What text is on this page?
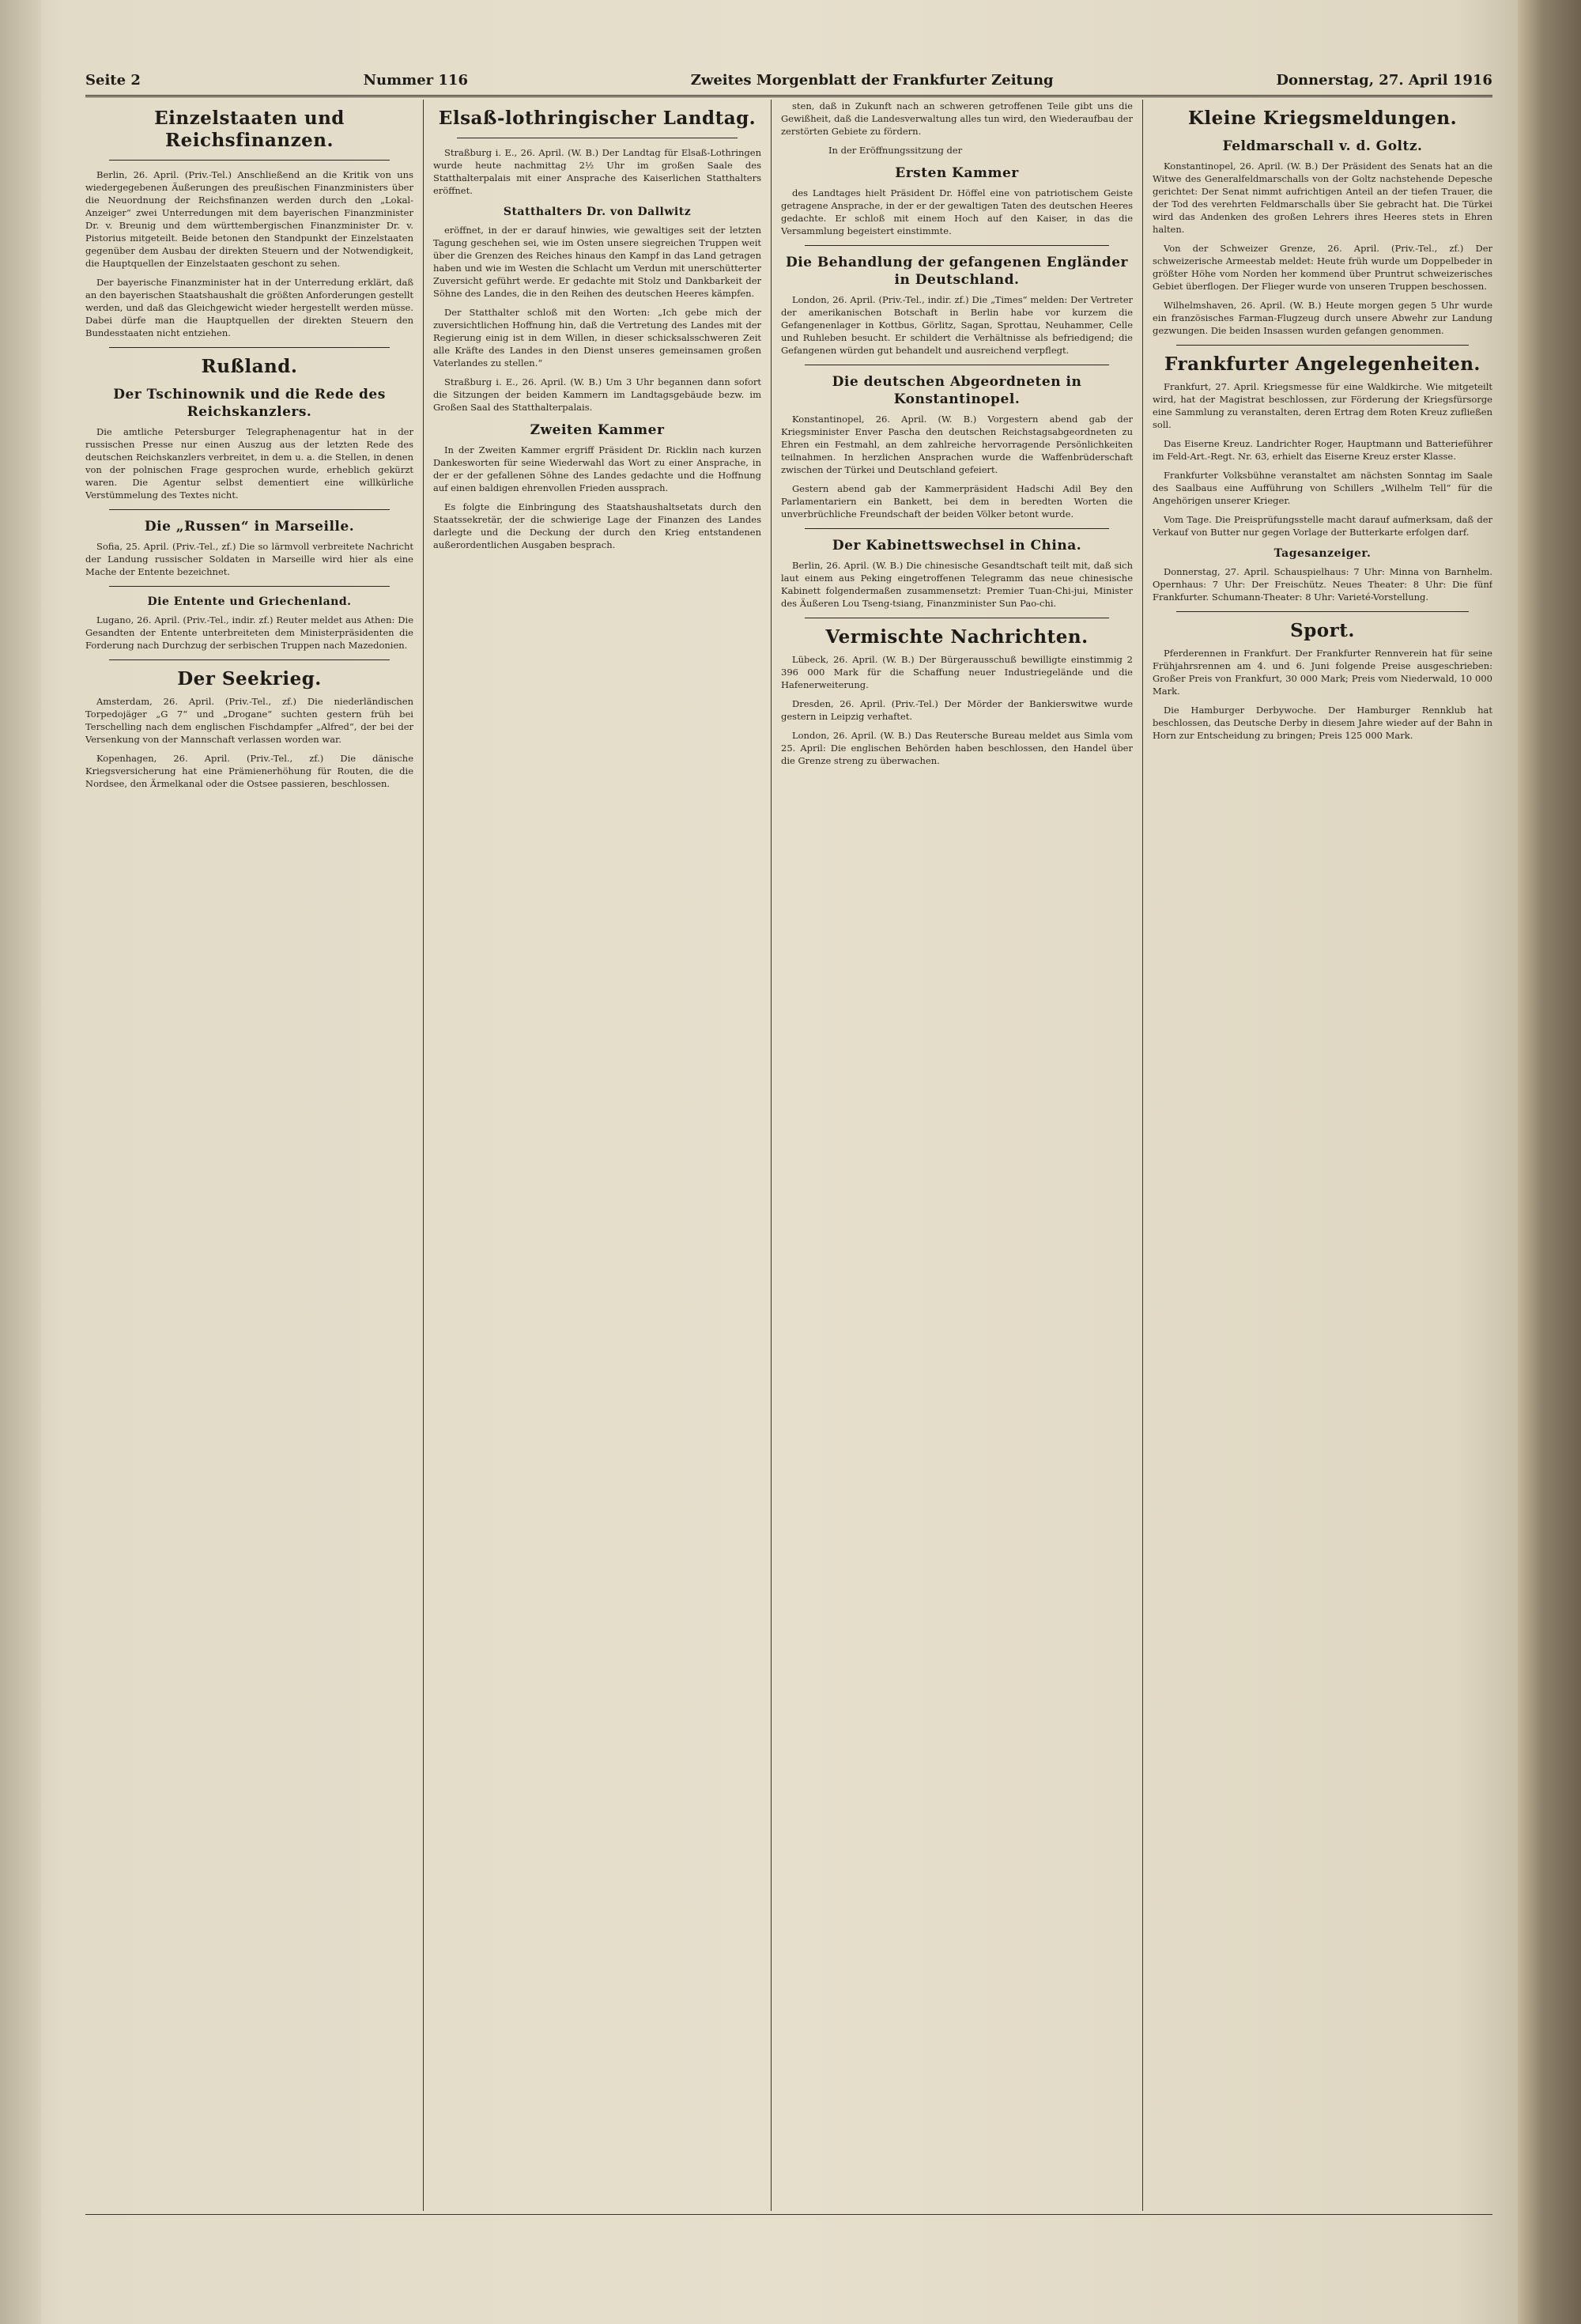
Seite 2	Nummer 116	Zweites Morgenblatt der Frankfurter Zeitung	Donnerstag, 27. April 1916
Einzelstaaten und Reichsfinanzen.

Berlin, 26. April. (Priv.-Tel.) Anschließend an die Kritik von uns wiedergegebenen Äußerungen des preußischen Finanzministers über die Neuordnung der Reichsfinanzen werden durch den „Lokal-Anzeiger“ zwei Unterredungen mit dem bayerischen Finanzminister Dr. v. Breunig und dem württembergischen Finanzminister Dr. v. Pistorius mitgeteilt. Beide betonen den Standpunkt der Einzelstaaten gegenüber dem Ausbau der direkten Steuern und der Notwendigkeit, die Hauptquellen der Einzelstaaten geschont zu sehen.

Der bayerische Finanzminister hat in der Unterredung erklärt, daß an den bayerischen Staatshaushalt die größten Anforderungen gestellt werden, und daß das Gleichgewicht wieder hergestellt werden müsse. Dabei dürfe man die Hauptquellen der direkten Steuern den Bundesstaaten nicht entziehen.

Rußland.
Der Tschinownik und die Rede des Reichskanzlers.

Die amtliche Petersburger Telegraphenagentur hat in der russischen Presse nur einen Auszug aus der letzten Rede des deutschen Reichskanzlers verbreitet, in dem u. a. die Stellen, in denen von der polnischen Frage gesprochen wurde, erheblich gekürzt waren. Die Agentur selbst dementiert eine willkürliche Verstümmelung des Textes nicht.

Die „Russen“ in Marseille.

Sofia, 25. April. (Priv.-Tel., zf.) Die so lärmvoll verbreitete Nachricht der Landung russischer Soldaten in Marseille wird hier als eine Mache der Entente bezeichnet.

Die Entente und Griechenland.

Lugano, 26. April. (Priv.-Tel., indir. zf.) Reuter meldet aus Athen: Die Gesandten der Entente unterbreiteten dem Ministerpräsidenten die Forderung nach Durchzug der serbischen Truppen nach Mazedonien.

Der Seekrieg.

Amsterdam, 26. April. (Priv.-Tel., zf.) Die niederländischen Torpedojäger „G 7“ und „Drogane“ suchten gestern früh bei Terschelling nach dem englischen Fischdampfer „Alfred“, der bei der Versenkung von der Mannschaft verlassen worden war.

Kopenhagen, 26. April. (Priv.-Tel., zf.) Die dänische Kriegsversicherung hat eine Prämienerhöhung für Routen, die die Nordsee, den Ärmelkanal oder die Ostsee passieren, beschlossen.

Elsaß-lothringischer Landtag.

Straßburg i. E., 26. April. (W. B.) Der Landtag für Elsaß-Lothringen wurde heute nachmittag 2½ Uhr im großen Saale des Statthalterpalais mit einer Ansprache des Kaiserlichen Statthalters eröffnet.

Statthalters Dr. von Dallwitz

eröffnet, in der er darauf hinwies, wie gewaltiges seit der letzten Tagung geschehen sei, wie im Osten unsere siegreichen Truppen weit über die Grenzen des Reiches hinaus den Kampf in das Land getragen haben und wie im Westen die Schlacht um Verdun mit unerschütterter Zuversicht geführt werde. Er gedachte mit Stolz und Dankbarkeit der Söhne des Landes, die in den Reihen des deutschen Heeres kämpfen.

Der Statthalter schloß mit den Worten: „Ich gebe mich der zuversichtlichen Hoffnung hin, daß die Vertretung des Landes mit der Regierung einig ist in dem Willen, in dieser schicksalsschweren Zeit alle Kräfte des Landes in den Dienst unseres gemeinsamen großen Vaterlandes zu stellen.“

Straßburg i. E., 26. April. (W. B.) Um 3 Uhr begannen dann sofort die Sitzungen der beiden Kammern im Landtagsgebäude bezw. im Großen Saal des Statthalterpalais.

Zweiten Kammer

In der Zweiten Kammer ergriff Präsident Dr. Ricklin nach kurzen Dankesworten für seine Wiederwahl das Wort zu einer Ansprache, in der er der gefallenen Söhne des Landes gedachte und die Hoffnung auf einen baldigen ehrenvollen Frieden aussprach.

Es folgte die Einbringung des Staatshaushaltsetats durch den Staatssekretär, der die schwierige Lage der Finanzen des Landes darlegte und die Deckung der durch den Krieg entstandenen außerordentlichen Ausgaben besprach.

sten, daß in Zukunft nach an schweren getroffenen Teile gibt uns die Gewißheit, daß die Landesverwaltung alles tun wird, den Wiederaufbau der zerstörten Gebiete zu fördern.

In der Eröffnungssitzung der

Ersten Kammer

des Landtages hielt Präsident Dr. Höffel eine von patriotischem Geiste getragene Ansprache, in der er der gewaltigen Taten des deutschen Heeres gedachte. Er schloß mit einem Hoch auf den Kaiser, in das die Versammlung begeistert einstimmte.

Die Behandlung der gefangenen Engländer in Deutschland.

London, 26. April. (Priv.-Tel., indir. zf.) Die „Times“ melden: Der Vertreter der amerikanischen Botschaft in Berlin habe vor kurzem die Gefangenenlager in Kottbus, Görlitz, Sagan, Sprottau, Neuhammer, Celle und Ruhleben besucht. Er schildert die Verhältnisse als befriedigend; die Gefangenen würden gut behandelt und ausreichend verpflegt.

Die deutschen Abgeordneten in Konstantinopel.

Konstantinopel, 26. April. (W. B.) Vorgestern abend gab der Kriegsminister Enver Pascha den deutschen Reichstagsabgeordneten zu Ehren ein Festmahl, an dem zahlreiche hervorragende Persönlichkeiten teilnahmen. In herzlichen Ansprachen wurde die Waffenbrüderschaft zwischen der Türkei und Deutschland gefeiert.

Gestern abend gab der Kammerpräsident Hadschi Adil Bey den Parlamentariern ein Bankett, bei dem in beredten Worten die unverbrüchliche Freundschaft der beiden Völker betont wurde.

Der Kabinettswechsel in China.

Berlin, 26. April. (W. B.) Die chinesische Gesandtschaft teilt mit, daß sich laut einem aus Peking eingetroffenen Telegramm das neue chinesische Kabinett folgendermaßen zusammensetzt: Premier Tuan-Chi-jui, Minister des Äußeren Lou Tseng-tsiang, Finanzminister Sun Pao-chi.

Vermischte Nachrichten.

Lübeck, 26. April. (W. B.) Der Bürgerausschuß bewilligte einstimmig 2 396 000 Mark für die Schaffung neuer Industriegelände und die Hafenerweiterung.

Dresden, 26. April. (Priv.-Tel.) Der Mörder der Bankierswitwe wurde gestern in Leipzig verhaftet.

London, 26. April. (W. B.) Das Reutersche Bureau meldet aus Simla vom 25. April: Die englischen Behörden haben beschlossen, den Handel über die Grenze streng zu überwachen.

Kleine Kriegsmeldungen.
Feldmarschall v. d. Goltz.

Konstantinopel, 26. April. (W. B.) Der Präsident des Senats hat an die Witwe des Generalfeldmarschalls von der Goltz nachstehende Depesche gerichtet: Der Senat nimmt aufrichtigen Anteil an der tiefen Trauer, die der Tod des verehrten Feldmarschalls über Sie gebracht hat. Die Türkei wird das Andenken des großen Lehrers ihres Heeres stets in Ehren halten.

Von der Schweizer Grenze, 26. April. (Priv.-Tel., zf.) Der schweizerische Armeestab meldet: Heute früh wurde um Doppelbeder in größter Höhe vom Norden her kommend über Pruntrut schweizerisches Gebiet überflogen. Der Flieger wurde von unseren Truppen beschossen.

Wilhelmshaven, 26. April. (W. B.) Heute morgen gegen 5 Uhr wurde ein französisches Farman-Flugzeug durch unsere Abwehr zur Landung gezwungen. Die beiden Insassen wurden gefangen genommen.

Frankfurter Angelegenheiten.

Frankfurt, 27. April. Kriegsmesse für eine Waldkirche. Wie mitgeteilt wird, hat der Magistrat beschlossen, zur Förderung der Kriegsfürsorge eine Sammlung zu veranstalten, deren Ertrag dem Roten Kreuz zufließen soll.

Das Eiserne Kreuz. Landrichter Roger, Hauptmann und Batterieführer im Feld-Art.-Regt. Nr. 63, erhielt das Eiserne Kreuz erster Klasse.

Frankfurter Volksbühne veranstaltet am nächsten Sonntag im Saale des Saalbaus eine Aufführung von Schillers „Wilhelm Tell“ für die Angehörigen unserer Krieger.

Vom Tage. Die Preisprüfungsstelle macht darauf aufmerksam, daß der Verkauf von Butter nur gegen Vorlage der Butterkarte erfolgen darf.

Tagesanzeiger.

Donnerstag, 27. April. Schauspielhaus: 7 Uhr: Minna von Barnhelm. Opernhaus: 7 Uhr: Der Freischütz. Neues Theater: 8 Uhr: Die fünf Frankfurter. Schumann-Theater: 8 Uhr: Varieté-Vorstellung.

Sport.

Pferderennen in Frankfurt. Der Frankfurter Rennverein hat für seine Frühjahrsrennen am 4. und 6. Juni folgende Preise ausgeschrieben: Großer Preis von Frankfurt, 30 000 Mark; Preis vom Niederwald, 10 000 Mark.

Die Hamburger Derbywoche. Der Hamburger Rennklub hat beschlossen, das Deutsche Derby in diesem Jahre wieder auf der Bahn in Horn zur Entscheidung zu bringen; Preis 125 000 Mark.
